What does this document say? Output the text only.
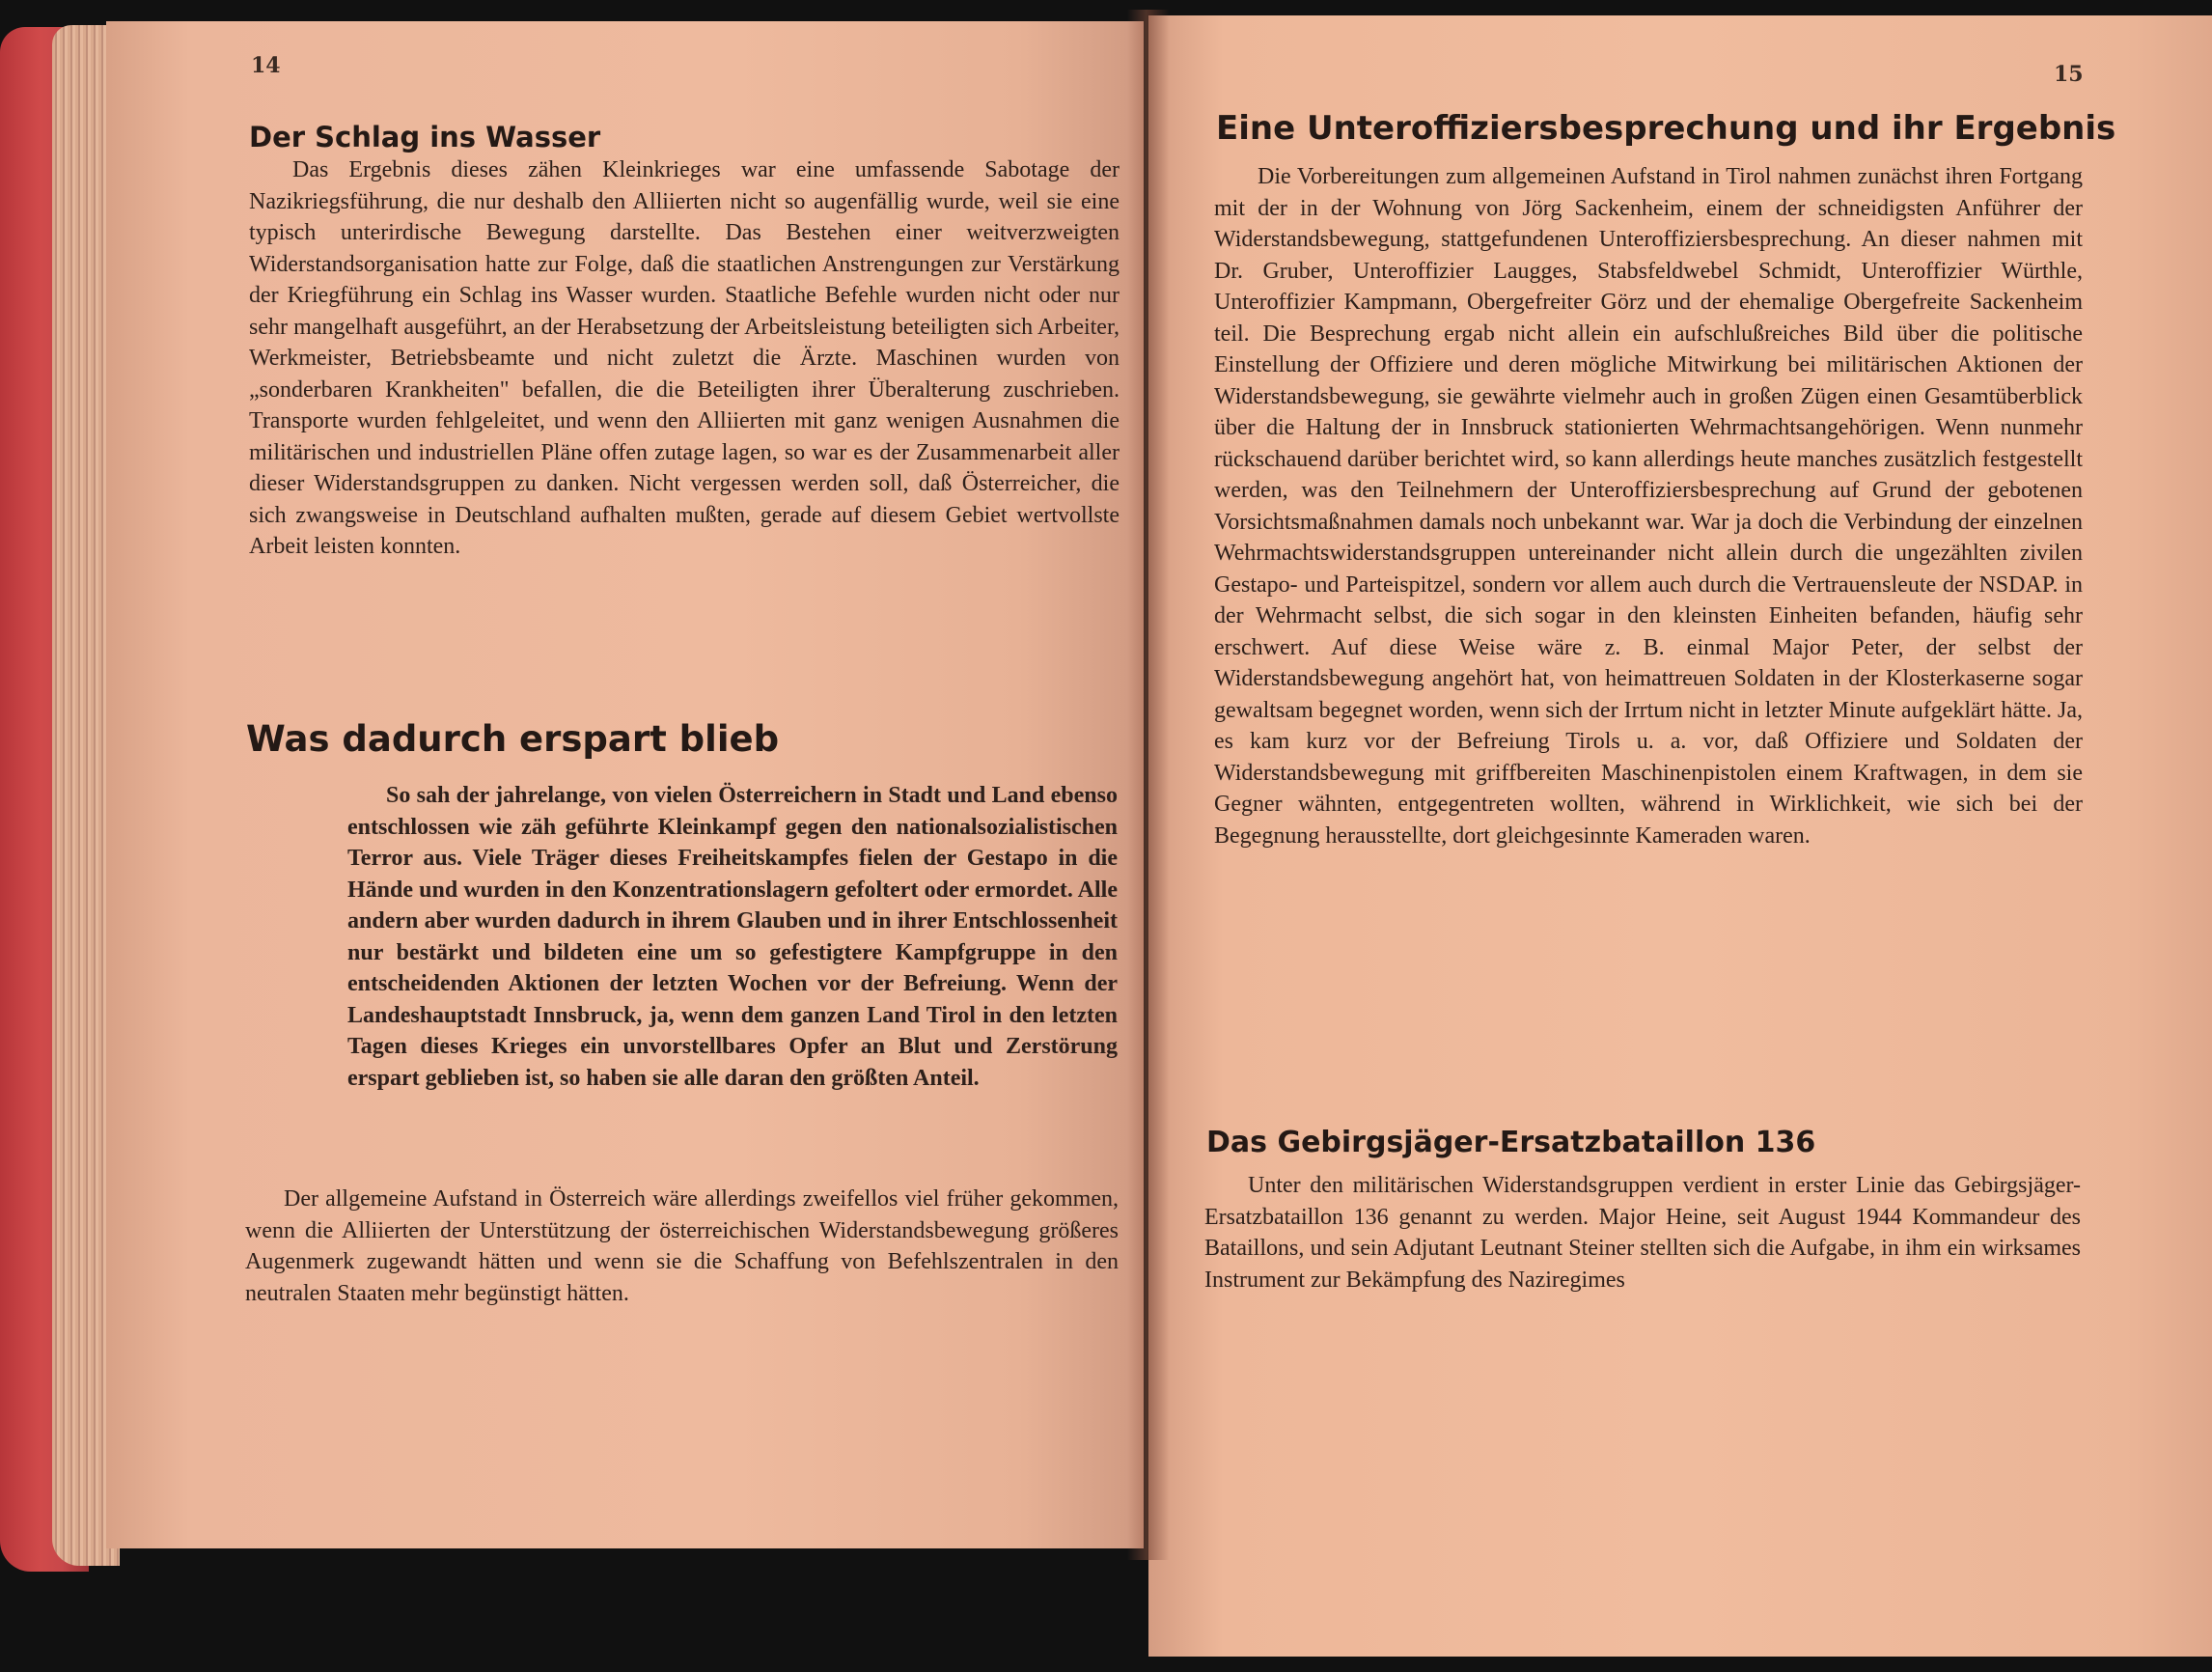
14
Der Schlag ins Wasser

Das Ergebnis dieses zähen Kleinkrieges war eine umfassende Sabotage der Nazikriegsführung, die nur deshalb den Alliierten nicht so augenfällig wurde, weil sie eine typisch unterirdische Bewegung darstellte. Das Bestehen einer weitverzweigten Widerstandsorganisation hatte zur Folge, daß die staatlichen Anstrengungen zur Verstärkung der Kriegführung ein Schlag ins Wasser wurden. Staatliche Befehle wurden nicht oder nur sehr mangelhaft ausgeführt, an der Herabsetzung der Arbeitsleistung beteiligten sich Arbeiter, Werkmeister, Betriebsbeamte und nicht zuletzt die Ärzte. Maschinen wurden von „sonderbaren Krankheiten" befallen, die die Beteiligten ihrer Überalterung zuschrieben. Transporte wurden fehlgeleitet, und wenn den Alliierten mit ganz wenigen Ausnahmen die militärischen und industriellen Pläne offen zutage lagen, so war es der Zusammenarbeit aller dieser Widerstandsgruppen zu danken. Nicht vergessen werden soll, daß Österreicher, die sich zwangsweise in Deutschland aufhalten mußten, gerade auf diesem Gebiet wertvollste Arbeit leisten konnten.

Was dadurch erspart blieb

So sah der jahrelange, von vielen Österreichern in Stadt und Land ebenso entschlossen wie zäh geführte Kleinkampf gegen den nationalsozialistischen Terror aus. Viele Träger dieses Freiheitskampfes fielen der Gestapo in die Hände und wurden in den Konzentrationslagern gefoltert oder ermordet. Alle andern aber wurden dadurch in ihrem Glauben und in ihrer Entschlossenheit nur bestärkt und bildeten eine um so gefestigtere Kampfgruppe in den entscheidenden Aktionen der letzten Wochen vor der Befreiung. Wenn der Landeshauptstadt Innsbruck, ja, wenn dem ganzen Land Tirol in den letzten Tagen dieses Krieges ein unvorstellbares Opfer an Blut und Zerstörung erspart geblieben ist, so haben sie alle daran den größten Anteil.

Der allgemeine Aufstand in Österreich wäre allerdings zweifellos viel früher gekommen, wenn die Alliierten der Unterstützung der österreichischen Widerstandsbewegung größeres Augenmerk zugewandt hätten und wenn sie die Schaffung von Befehlszentralen in den neutralen Staaten mehr begünstigt hätten.

15
Eine Unteroffiziersbesprechung und ihr Ergebnis

Die Vorbereitungen zum allgemeinen Aufstand in Tirol nahmen zunächst ihren Fortgang mit der in der Wohnung von Jörg Sackenheim, einem der schneidigsten Anführer der Widerstandsbewegung, stattgefundenen Unteroffiziersbesprechung. An dieser nahmen mit Dr. Gruber, Unteroffizier Laugges, Stabsfeldwebel Schmidt, Unteroffizier Würthle, Unteroffizier Kampmann, Obergefreiter Görz und der ehemalige Obergefreite Sackenheim teil. Die Besprechung ergab nicht allein ein aufschlußreiches Bild über die politische Einstellung der Offiziere und deren mögliche Mitwirkung bei militärischen Aktionen der Widerstandsbewegung, sie gewährte vielmehr auch in großen Zügen einen Gesamtüberblick über die Haltung der in Innsbruck stationierten Wehrmachtsangehörigen. Wenn nunmehr rückschauend darüber berichtet wird, so kann allerdings heute manches zusätzlich festgestellt werden, was den Teilnehmern der Unteroffiziersbesprechung auf Grund der gebotenen Vorsichtsmaßnahmen damals noch unbekannt war. War ja doch die Verbindung der einzelnen Wehrmachtswiderstandsgruppen untereinander nicht allein durch die ungezählten zivilen Gestapo- und Parteispitzel, sondern vor allem auch durch die Vertrauensleute der NSDAP. in der Wehrmacht selbst, die sich sogar in den kleinsten Einheiten befanden, häufig sehr erschwert. Auf diese Weise wäre z. B. einmal Major Peter, der selbst der Widerstandsbewegung angehört hat, von heimattreuen Soldaten in der Klosterkaserne sogar gewaltsam begegnet worden, wenn sich der Irrtum nicht in letzter Minute aufgeklärt hätte. Ja, es kam kurz vor der Befreiung Tirols u. a. vor, daß Offiziere und Soldaten der Widerstandsbewegung mit griffbereiten Maschinenpistolen einem Kraftwagen, in dem sie Gegner wähnten, entgegentreten wollten, während in Wirklichkeit, wie sich bei der Begegnung herausstellte, dort gleichgesinnte Kameraden waren.

Das Gebirgsjäger-Ersatzbataillon 136

Unter den militärischen Widerstandsgruppen verdient in erster Linie das Gebirgsjäger-Ersatzbataillon 136 genannt zu werden. Major Heine, seit August 1944 Kommandeur des Bataillons, und sein Adjutant Leutnant Steiner stellten sich die Aufgabe, in ihm ein wirksames Instrument zur Bekämpfung des Naziregimes
